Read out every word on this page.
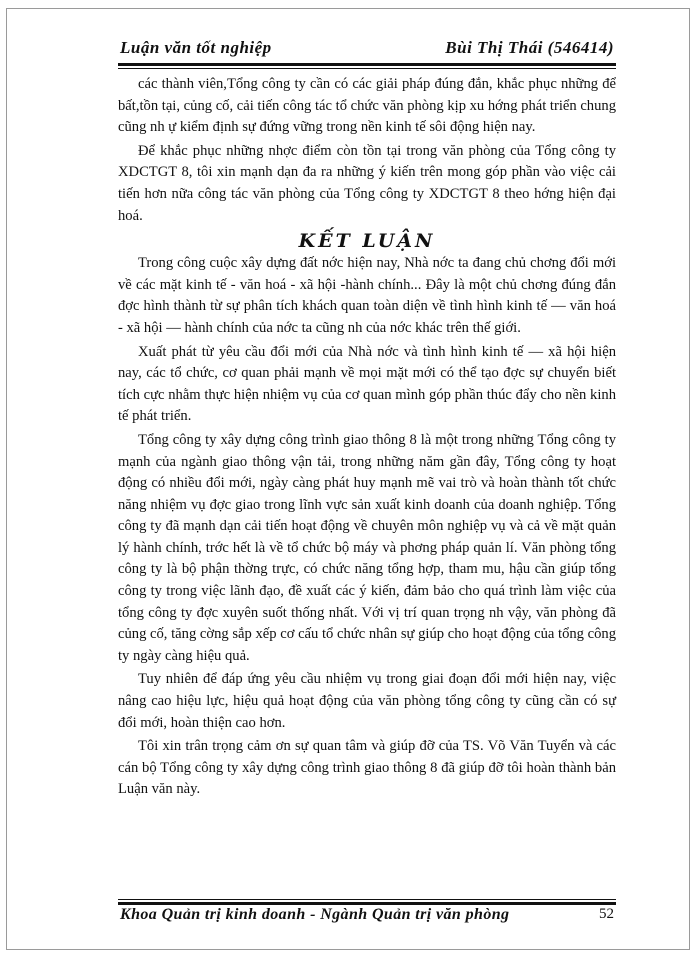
Luận văn tốt nghiệp	Bùi Thị Thái (546414)

các thành viên,Tổng công ty cần có các giải pháp đúng đắn, khắc phục những để bất,tồn tại, củng cố, cải tiến công tác tổ chức văn phòng kịp xu hớng phát triển chung cũng nh ự kiểm định sự đứng vững trong nền kinh tế sôi động hiện nay.

Để khắc phục những nhợc điểm còn tồn tại trong văn phòng của Tổng công ty XDCTGT 8, tôi xin mạnh dạn đa ra những ý kiến trên mong góp phần vào việc cải tiến hơn nữa công tác văn phòng của Tổng công ty XDCTGT 8 theo hớng hiện đại hoá.

KẾT LUẬN

Trong công cuộc xây dựng đất nớc hiện nay, Nhà nớc ta đang chủ chơng đổi mới về các mặt kinh tế - văn hoá - xã hội -hành chính... Đây là một chủ chơng đúng đắn đợc hình thành từ sự phân tích khách quan toàn diện về tình hình kinh tế — văn hoá - xã hội — hành chính của nớc ta cũng nh của nớc khác trên thế giới.

Xuất phát từ yêu cầu đổi mới của Nhà nớc và tình hình kinh tế — xã hội hiện nay, các tổ chức, cơ quan phải mạnh về mọi mặt mới có thể tạo đợc sự chuyển biết tích cực nhằm thực hiện nhiệm vụ của cơ quan mình góp phần thúc đẩy cho nền kinh tế phát triển.

Tổng công ty xây dựng công trình giao thông 8 là một trong những Tổng công ty mạnh của ngành giao thông vận tải, trong những năm gần đây, Tổng công ty hoạt động có nhiều đổi mới, ngày càng phát huy mạnh mẽ vai trò và hoàn thành tốt chức năng nhiệm vụ đợc giao trong lĩnh vực sản xuất kinh doanh của doanh nghiệp. Tổng công ty đã mạnh dạn cải tiến hoạt động về chuyên môn nghiệp vụ và cả về mặt quản lý hành chính, trớc hết là về tổ chức bộ máy và phơng pháp quản lí. Văn phòng tổng công ty là bộ phận thờng trực, có chức năng tổng hợp, tham mu, hậu cần giúp tổng công ty trong việc lãnh đạo, đề xuất các ý kiến, đảm bảo cho quá trình làm việc của tổng công ty đợc xuyên suốt thống nhất. Với vị trí quan trọng nh vậy, văn phòng đã củng cố, tăng cờng sắp xếp cơ cấu tổ chức nhân sự giúp cho hoạt động của tổng công ty ngày càng hiệu quả.

Tuy nhiên để đáp ứng yêu cầu nhiệm vụ trong giai đoạn đổi mới hiện nay, việc nâng cao hiệu lực, hiệu quả hoạt động của văn phòng tổng công ty cũng cần có sự đổi mới, hoàn thiện cao hơn.

Tôi xin trân trọng cảm ơn sự quan tâm và giúp đỡ của TS. Võ Văn Tuyển và các cán bộ Tổng công ty xây dựng công trình giao thông 8 đã giúp đỡ tôi hoàn thành bản Luận văn này.

Khoa Quản trị kinh doanh - Ngành Quản trị văn phòng	52
